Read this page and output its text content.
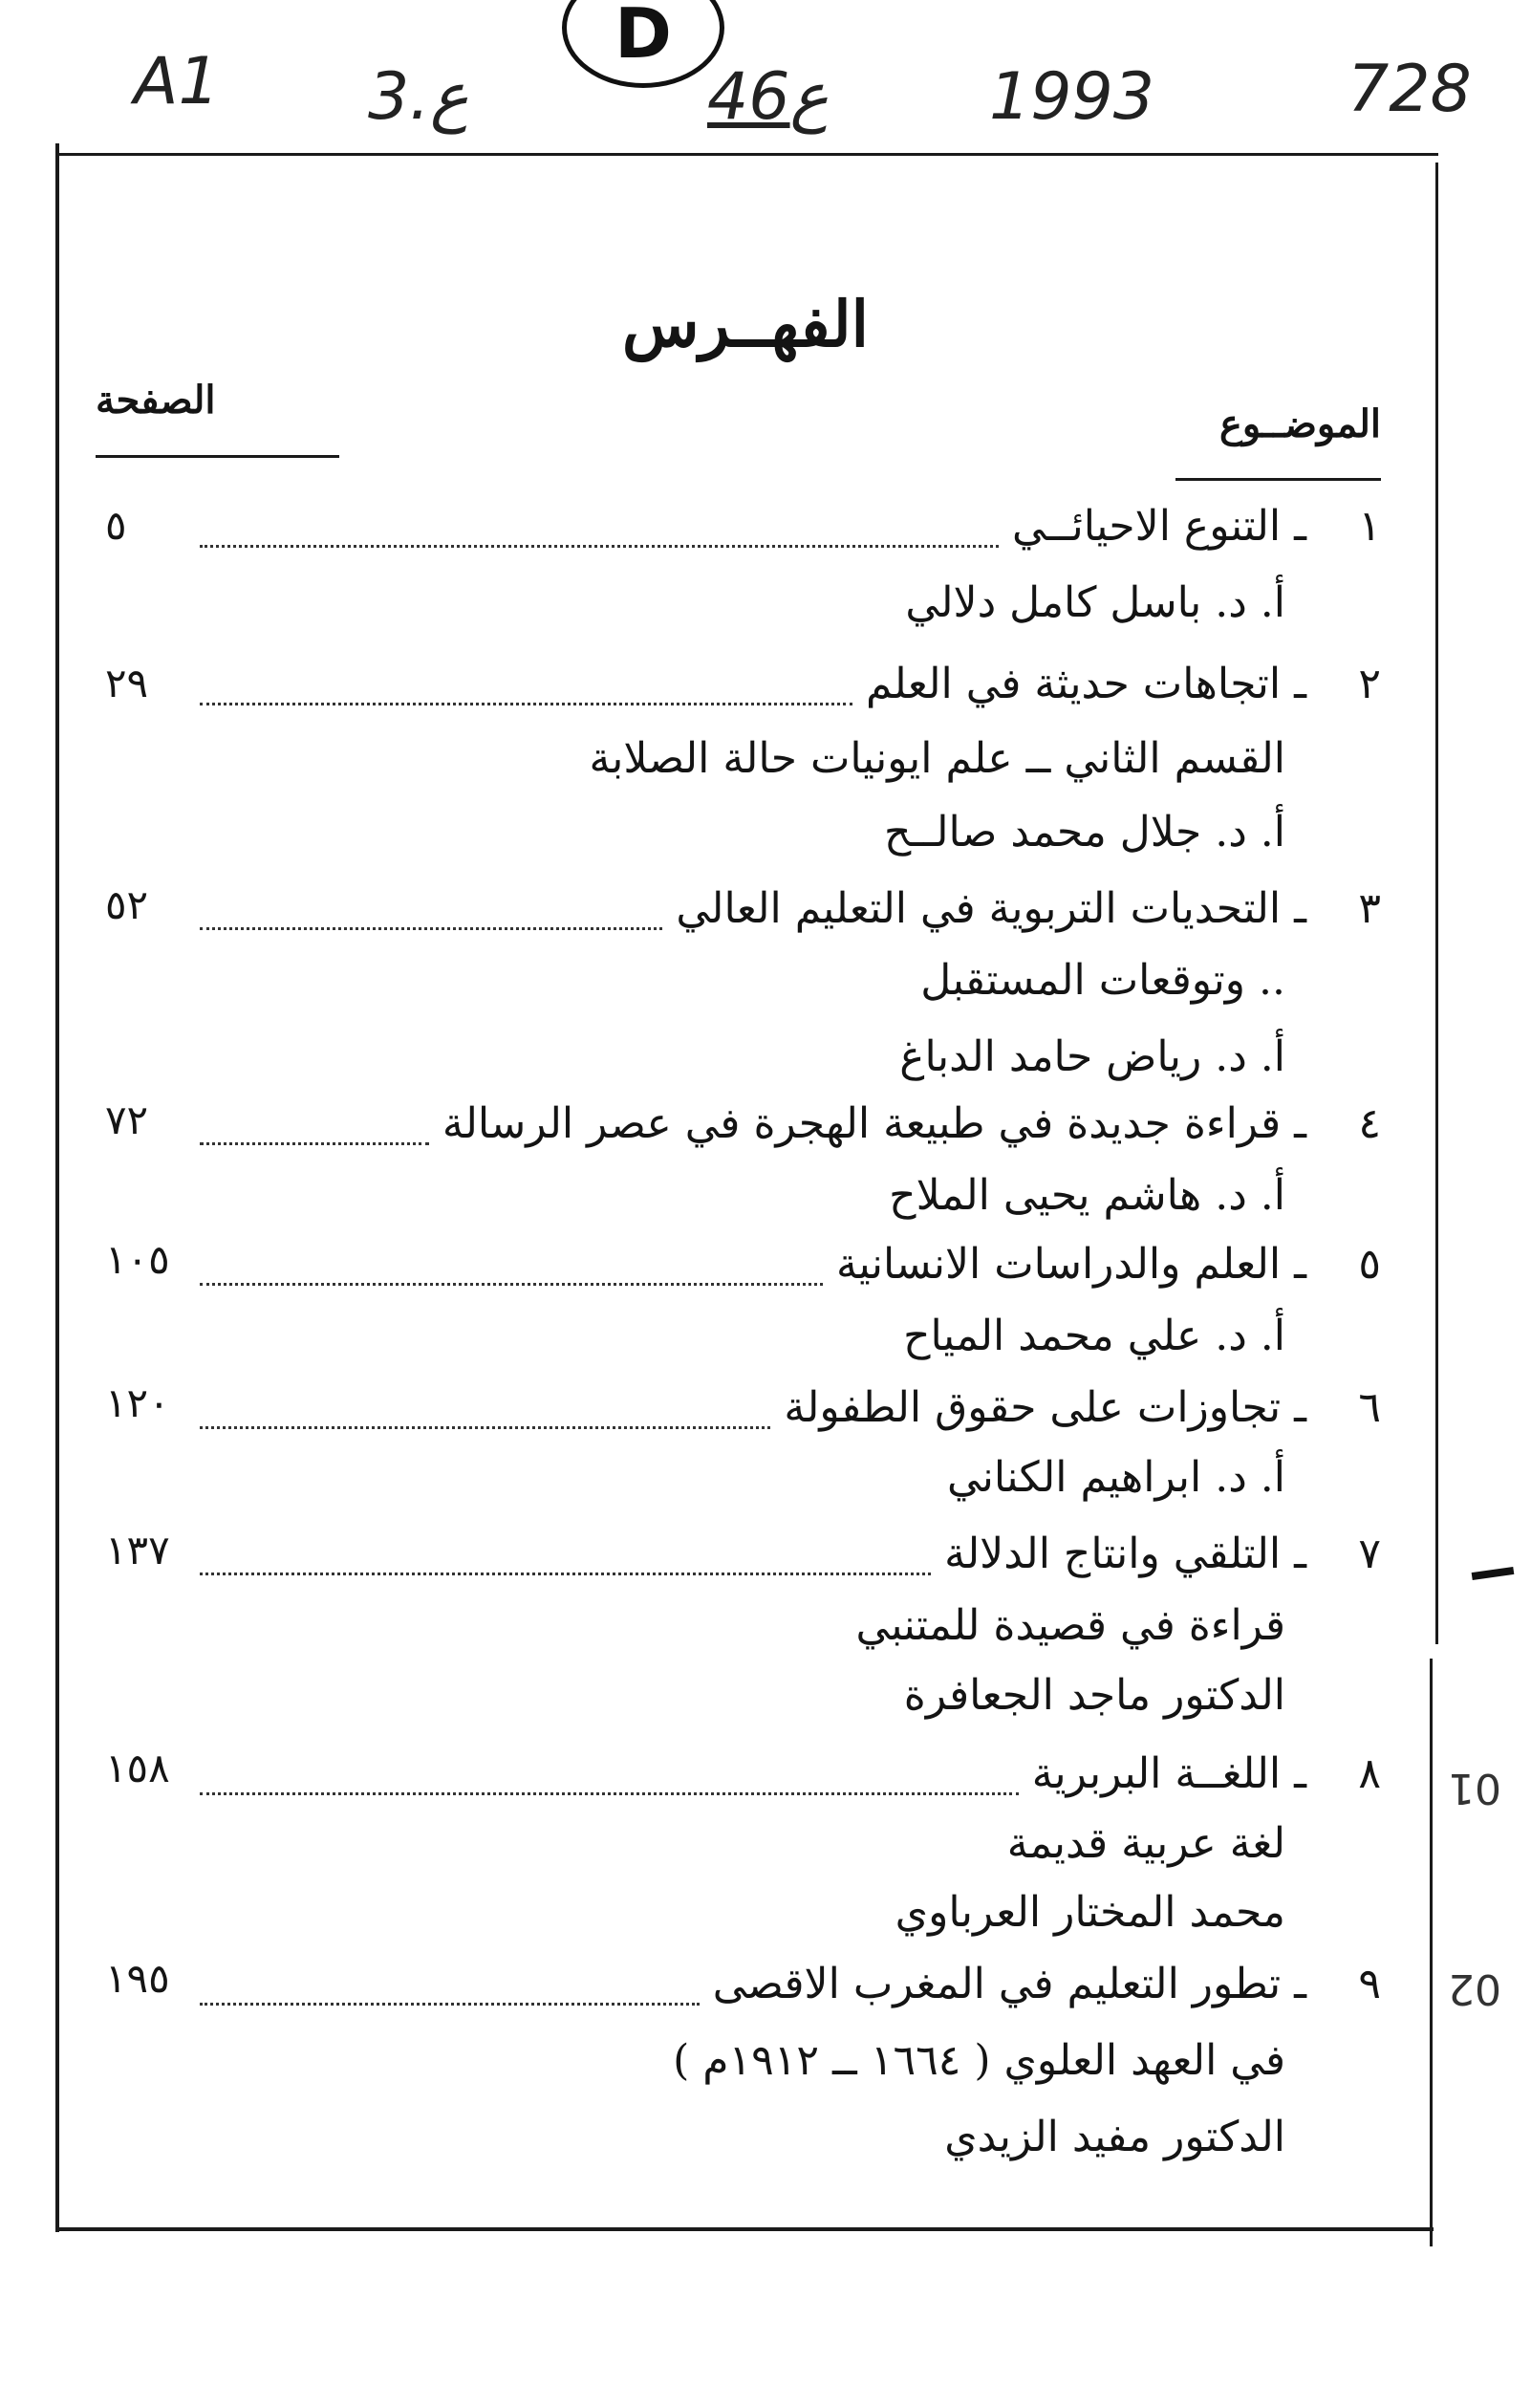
A1 3.ع
D
46ع 1993	728
01
02
الفهــرس
الصفحة
الموضــوع
١
ـ
التنوع الاحيائــي
٥
أ. د. باسل كامل دلالي
٢
ـ
اتجاهات حديثة في العلم
٢٩
القسم الثاني ــ علم ايونيات حالة الصلابة
أ. د. جلال محمد صالــح
٣
ـ
التحديات التربوية في التعليم العالي
٥٢
.. وتوقعات المستقبل
أ. د. رياض حامد الدباغ
٤
ـ
قراءة جديدة في طبيعة الهجرة في عصر الرسالة
٧٢
أ. د. هاشم يحيى الملاح
٥
ـ
العلم والدراسات الانسانية
١٠٥
أ. د. علي محمد المياح
٦
ـ
تجاوزات على حقوق الطفولة
١٢٠
أ. د. ابراهيم الكناني
٧
ـ
التلقي وانتاج الدلالة
١٣٧
قراءة في قصيدة للمتنبي
الدكتور ماجد الجعافرة
٨
ـ
اللغــة البربرية
١٥٨
لغة عربية قديمة
محمد المختار العرباوي
٩
ـ
تطور التعليم في المغرب الاقصى
١٩٥
في العهد العلوي ( ١٦٦٤ ــ ١٩١٢م )
الدكتور مفيد الزيدي
